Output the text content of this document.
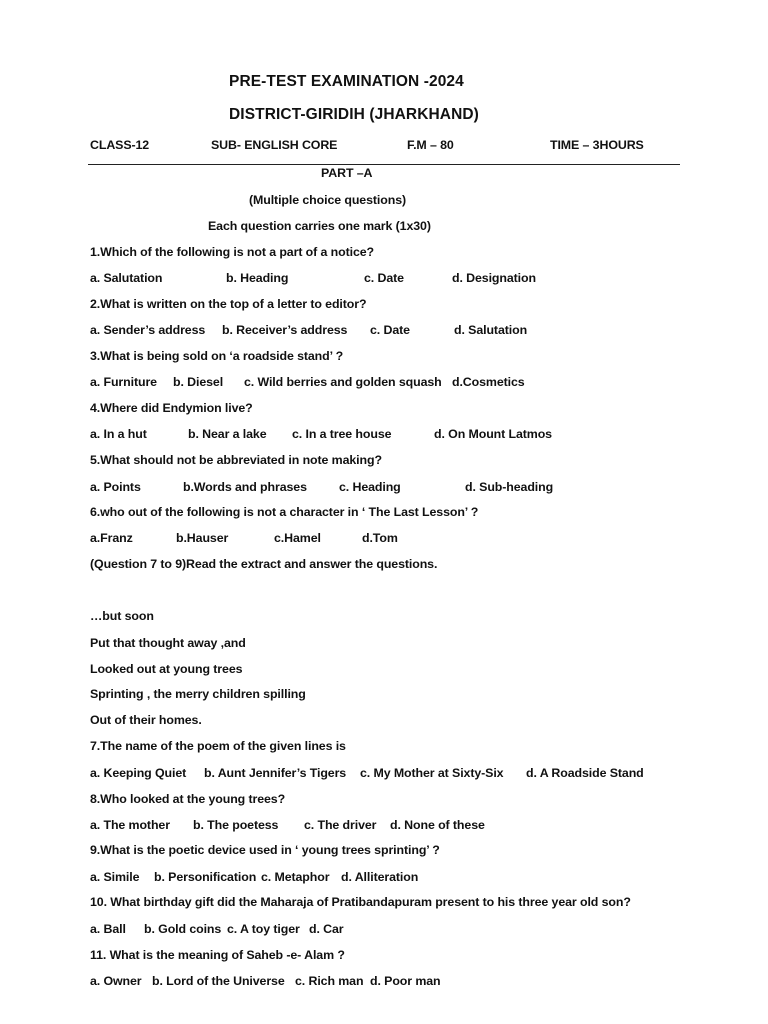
PRE-TEST EXAMINATION -2024
DISTRICT-GIRIDIH (JHARKHAND)
CLASS-12	SUB- ENGLISH CORE	F.M – 80	TIME – 3HOURS
PART –A
(Multiple choice questions)
Each question carries one mark (1x30)
1.Which of the following is not a part of a notice?
a. Salutation	b. Heading	c. Date	d. Designation
2.What is written on the top of a letter to editor?
a. Sender’s address b. Receiver’s address c. Date	d. Salutation
3.What is being sold on ‘a roadside stand’ ?
a. Furniture b. Diesel c. Wild berries and golden squash d.Cosmetics
4.Where did Endymion live?
a. In a hut	b. Near a lake c. In a tree house	d. On Mount Latmos
5.What should not be abbreviated in note making?
a. Points	b.Words and phrases	c. Heading	d. Sub-heading
6.who out of the following is not a character in ‘ The Last Lesson’ ?
a.Franz	b.Hauser	c.Hamel	d.Tom
(Question 7 to 9)Read the extract and answer the questions.
…but soon
Put that thought away ,and
Looked out at young trees
Sprinting , the merry children spilling
Out of their homes.
7.The name of the poem of the given lines is
a. Keeping Quiet b. Aunt Jennifer’s Tigers c. My Mother at Sixty-Six d. A Roadside Stand
8.Who looked at the young trees?
a. The mother b. The poetess c. The driver d. None of these
9.What is the poetic device used in ‘ young trees sprinting’ ?
a. Simile b. Personification c. Metaphor d. Alliteration
10. What birthday gift did the Maharaja of Pratibandapuram present to his three year old son?
a. Ball b. Gold coins c. A toy tiger d. Car
11. What is the meaning of Saheb -e- Alam ?
a. Owner b. Lord of the Universe c. Rich man d. Poor man
